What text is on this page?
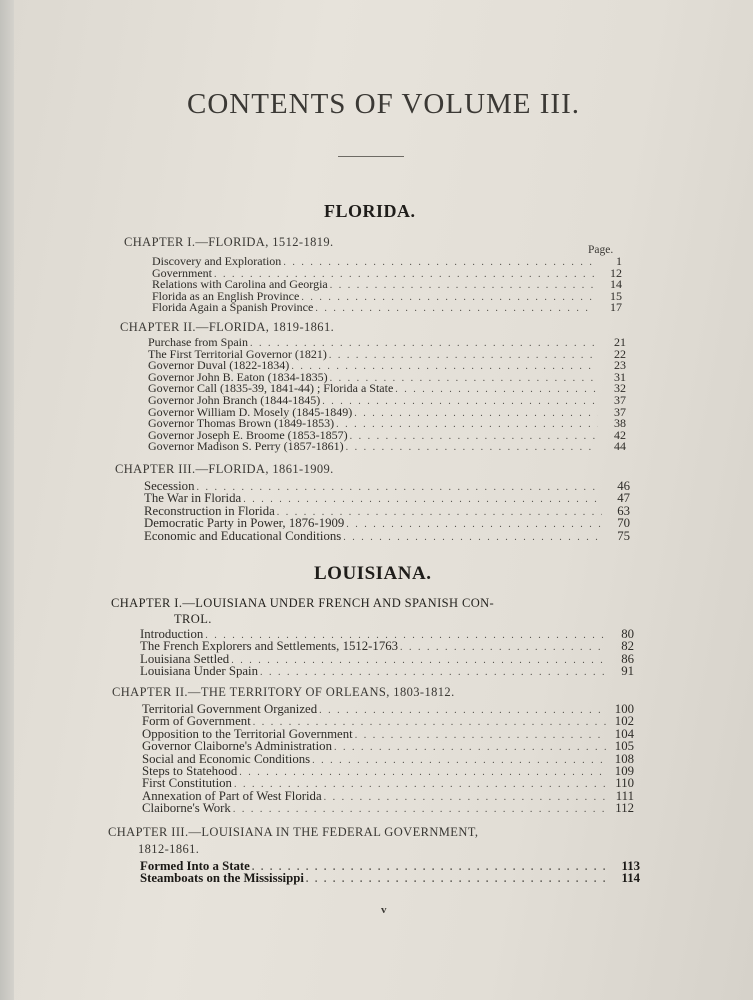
CONTENTS OF VOLUME III.
FLORIDA.
CHAPTER I.—FLORIDA, 1512-1819.
Page.
Discovery and Exploration . . .	1
Government . . .	12
Relations with Carolina and Georgia . . .	14
Florida as an English Province . . .	15
Florida Again a Spanish Province . . .	17
CHAPTER II.—FLORIDA, 1819-1861.
Purchase from Spain . . .	21
The First Territorial Governor (1821) . . .	22
Governor Duval (1822-1834) . . .	23
Governor John B. Eaton (1834-1835) . . .	31
Governor Call (1835-39, 1841-44) ; Florida a State . . .	32
Governor John Branch (1844-1845) . . .	37
Governor William D. Mosely (1845-1849) . . .	37
Governor Thomas Brown (1849-1853) . . .	38
Governor Joseph E. Broome (1853-1857) . . .	42
Governor Madison S. Perry (1857-1861) . . .	44
CHAPTER III.—FLORIDA, 1861-1909.
Secession . . .	46
The War in Florida . . .	47
Reconstruction in Florida . . .	63
Democratic Party in Power, 1876-1909 . . .	70
Economic and Educational Conditions . . .	75
LOUISIANA.
CHAPTER I.—LOUISIANA UNDER FRENCH AND SPANISH CON-
TROL.
Introduction . . .	80
The French Explorers and Settlements, 1512-1763 . . .	82
Louisiana Settled . . .	86
Louisiana Under Spain . . .	91
CHAPTER II.—THE TERRITORY OF ORLEANS, 1803-1812.
Territorial Government Organized . . .	100
Form of Government . . .	102
Opposition to the Territorial Government . . .	104
Governor Claiborne's Administration . . .	105
Social and Economic Conditions . . .	108
Steps to Statehood . . .	109
First Constitution . . .	110
Annexation of Part of West Florida . . .	111
Claiborne's Work . . .	112
CHAPTER III.—LOUISIANA IN THE FEDERAL GOVERNMENT,
1812-1861.
Formed Into a State . . .	113
Steamboats on the Mississippi . . .	114
v
